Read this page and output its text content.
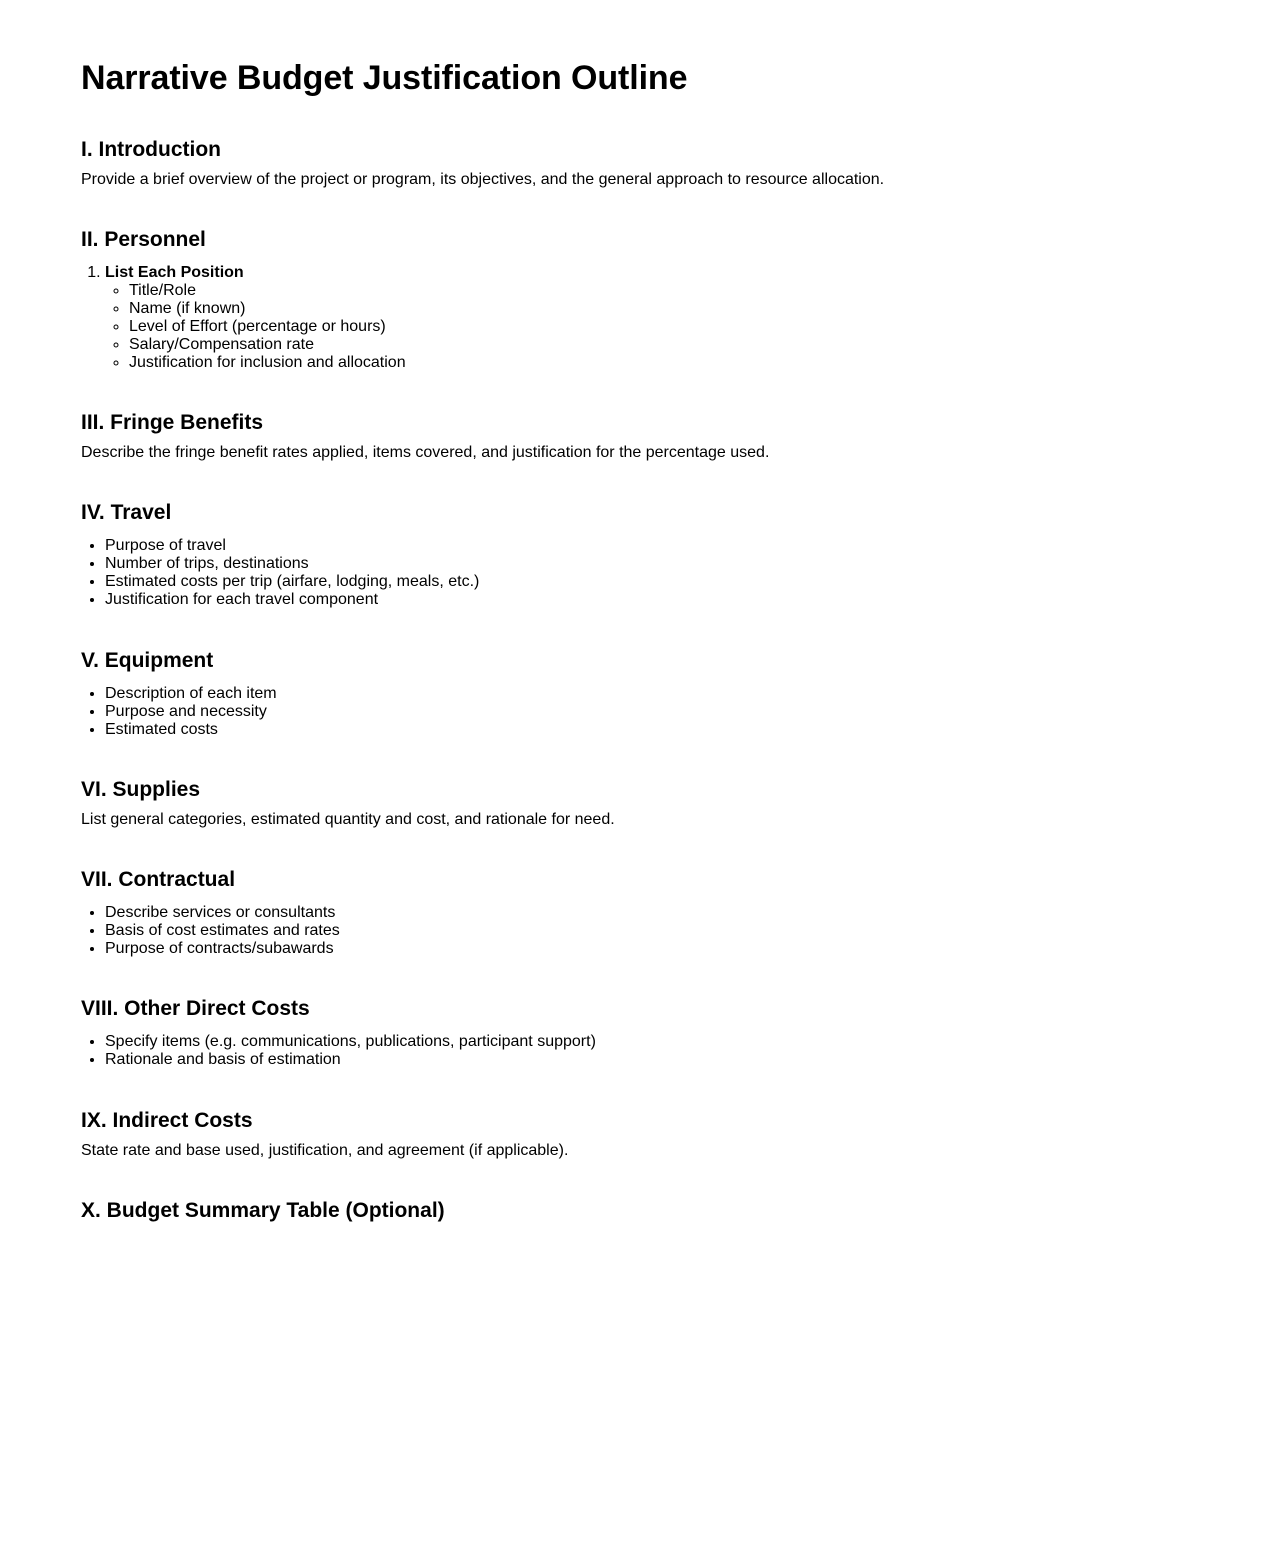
Narrative Budget Justification Outline
I. Introduction

Provide a brief overview of the project or program, its objectives, and the general approach to resource allocation.

II. Personnel
1. List Each Position
◦ Title/Role
◦ Name (if known)
◦ Level of Effort (percentage or hours)
◦ Salary/Compensation rate
◦ Justification for inclusion and allocation
III. Fringe Benefits

Describe the fringe benefit rates applied, items covered, and justification for the percentage used.

IV. Travel
• Purpose of travel
• Number of trips, destinations
• Estimated costs per trip (airfare, lodging, meals, etc.)
• Justification for each travel component
V. Equipment
• Description of each item
• Purpose and necessity
• Estimated costs
VI. Supplies

List general categories, estimated quantity and cost, and rationale for need.

VII. Contractual
• Describe services or consultants
• Basis of cost estimates and rates
• Purpose of contracts/subawards
VIII. Other Direct Costs
• Specify items (e.g. communications, publications, participant support)
• Rationale and basis of estimation
IX. Indirect Costs

State rate and base used, justification, and agreement (if applicable).

X. Budget Summary Table (Optional)
